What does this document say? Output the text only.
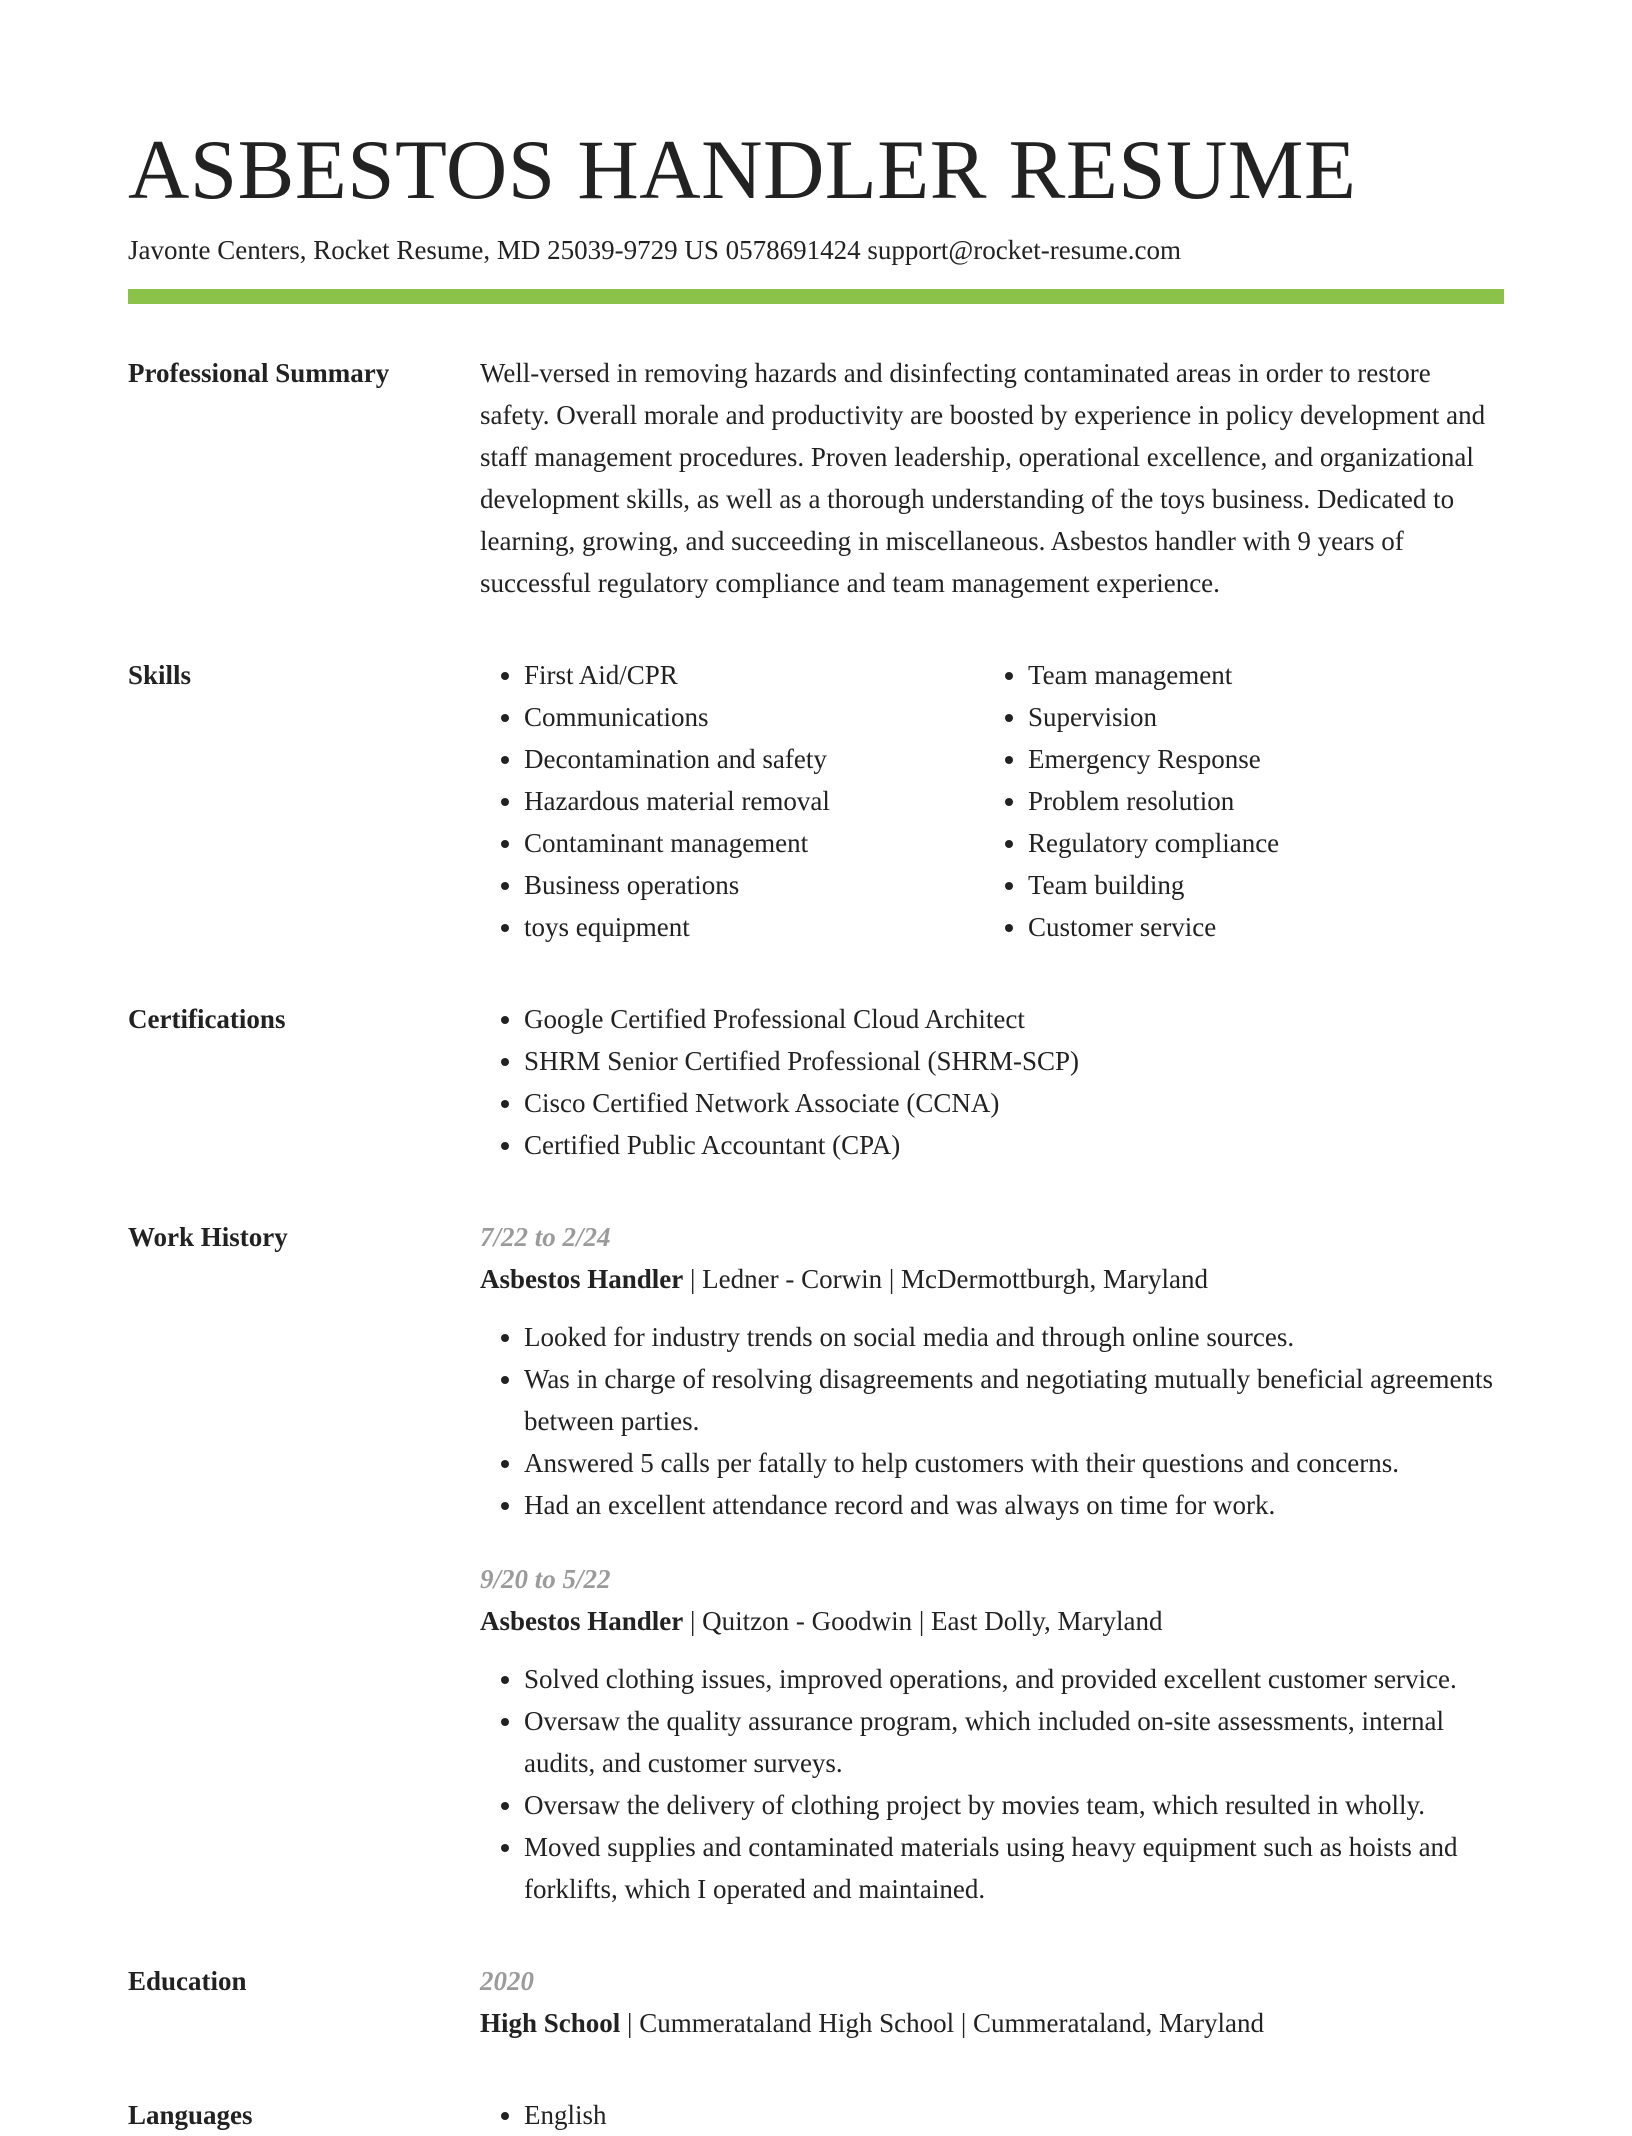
ASBESTOS HANDLER RESUME
Javonte Centers, Rocket Resume, MD 25039-9729 US 0578691424 support@rocket-resume.com
Professional Summary	Well-versed in removing hazards and disinfecting contaminated areas in order to restore safety. Overall morale and productivity are boosted by experience in policy development and staff management procedures. Proven leadership, operational excellence, and organizational development skills, as well as a thorough understanding of the toys business. Dedicated to learning, growing, and succeeding in miscellaneous. Asbestos handler with 9 years of successful regulatory compliance and team management experience.

Skills	• First Aid/CPR
• Communications
• Decontamination and safety
• Hazardous material removal
• Contaminant management
• Business operations
• toys equipment
• Team management
• Supervision
• Emergency Response
• Problem resolution
• Regulatory compliance
• Team building
• Customer service
Certifications	• Google Certified Professional Cloud Architect
• SHRM Senior Certified Professional (SHRM-SCP)
• Cisco Certified Network Associate (CCNA)
• Certified Public Accountant (CPA)
Work History	7/22 to 2/24
Asbestos Handler | Ledner - Corwin | McDermottburgh, Maryland
• Looked for industry trends on social media and through online sources.
• Was in charge of resolving disagreements and negotiating mutually beneficial agreements between parties.
• Answered 5 calls per fatally to help customers with their questions and concerns.
• Had an excellent attendance record and was always on time for work.
9/20 to 5/22
Asbestos Handler | Quitzon - Goodwin | East Dolly, Maryland
• Solved clothing issues, improved operations, and provided excellent customer service.
• Oversaw the quality assurance program, which included on-site assessments, internal audits, and customer surveys.
• Oversaw the delivery of clothing project by movies team, which resulted in wholly.
• Moved supplies and contaminated materials using heavy equipment such as hoists and forklifts, which I operated and maintained.
Education	2020
High School | Cummerataland High School | Cummerataland, Maryland
Languages	• English
